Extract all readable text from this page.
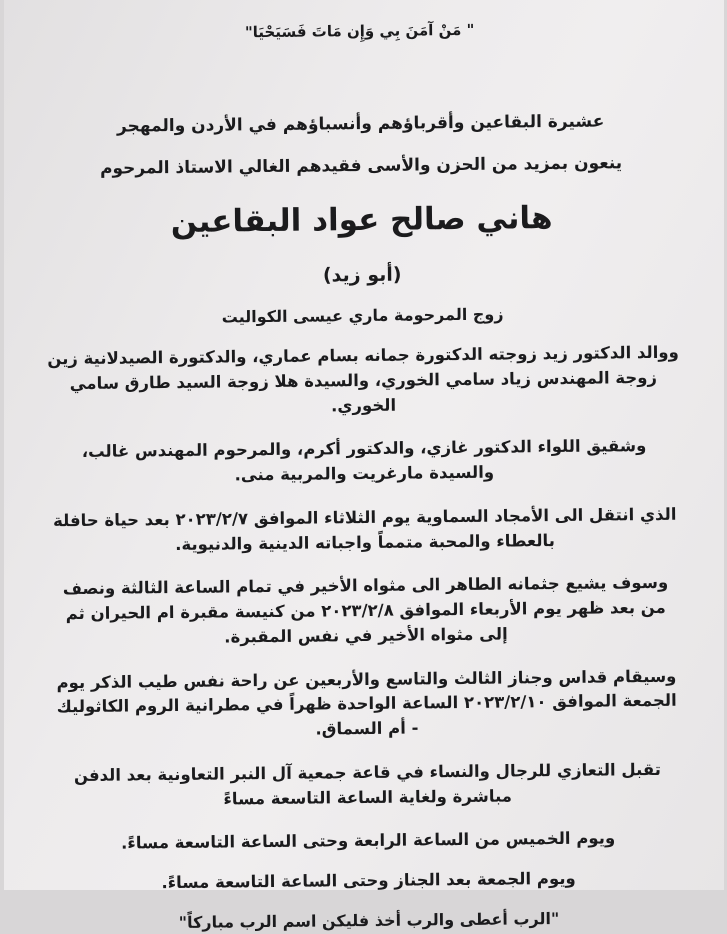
" مَنْ آمَنَ بِي وَإِن مَاتَ فَسَيَحْيَا"

عشيرة البقاعين وأقرباؤهم وأنسباؤهم في الأردن والمهجر

ينعون بمزيد من الحزن والأسى فقيدهم الغالي الاستاذ المرحوم

هاني صالح عواد البقاعين

(أبو زيد)

زوج المرحومة ماري عيسى الكواليت

ووالد الدكتور زيد زوجته الدكتورة جمانه بسام عماري، والدكتورة الصيدلانية زين زوجة المهندس زياد سامي الخوري، والسيدة هلا زوجة السيد طارق سامي الخوري.

وشقيق اللواء الدكتور غازي، والدكتور أكرم، والمرحوم المهندس غالب، والسيدة مارغريت والمربية منى.

الذي انتقل الى الأمجاد السماوية يوم الثلاثاء الموافق ٢٠٢٣/٢/٧ بعد حياة حافلة بالعطاء والمحبة متمماً واجباته الدينية والدنيوية.

وسوف يشيع جثمانه الطاهر الى مثواه الأخير في تمام الساعة الثالثة ونصف من بعد ظهر يوم الأربعاء الموافق ٢٠٢٣/٢/٨ من كنيسة مقبرة ام الحيران ثم إلى مثواه الأخير في نفس المقبرة.

وسيقام قداس وجناز الثالث والتاسع والأربعين عن راحة نفس طيب الذكر يوم الجمعة الموافق ٢٠٢٣/٢/١٠ الساعة الواحدة ظهراً في مطرانية الروم الكاثوليك - أم السماق.

تقبل التعازي للرجال والنساء في قاعة جمعية آل النبر التعاونية بعد الدفن مباشرة ولغاية الساعة التاسعة مساءً

ويوم الخميس من الساعة الرابعة وحتى الساعة التاسعة مساءً.

ويوم الجمعة بعد الجناز وحتى الساعة التاسعة مساءً.

"الرب أعطى والرب أخذ فليكن اسم الرب مباركاً"
